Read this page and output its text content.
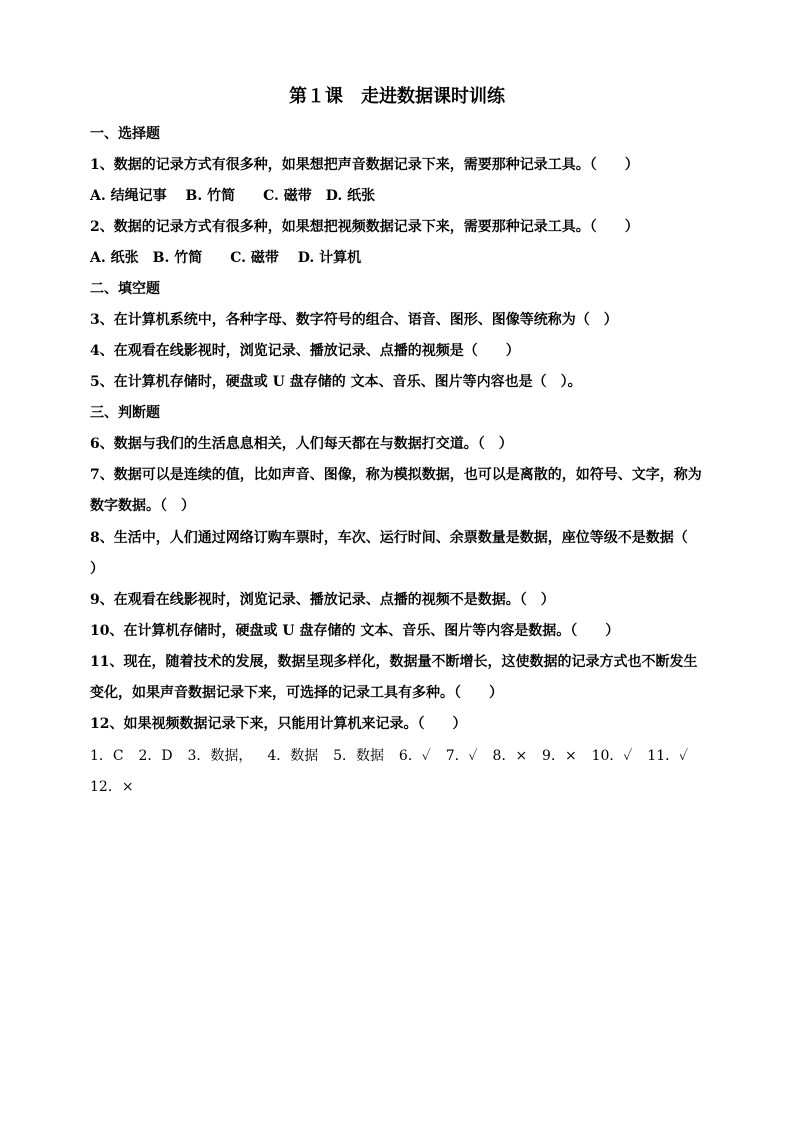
第１课　走进数据课时训练
一、选择题
1、数据的记录方式有很多种，如果想把声音数据记录下来，需要那种记录工具。（　　）
A. 结绳记事　 B. 竹简　　C. 磁带　D. 纸张
2、数据的记录方式有很多种，如果想把视频数据记录下来，需要那种记录工具。（　　）
A. 纸张　B. 竹简　　C. 磁带　 D. 计算机
二、填空题
3、在计算机系统中，各种字母、数字符号的组合、语音、图形、图像等统称为（　）
4、在观看在线影视时，浏览记录、播放记录、点播的视频是（　　）
5、在计算机存储时，硬盘或 U 盘存储的 文本、音乐、图片等内容也是（　）。
三、判断题
6、数据与我们的生活息息相关，人们每天都在与数据打交道。（　）
7、数据可以是连续的值，比如声音、图像，称为模拟数据，也可以是离散的，如符号、文字，称为
数字数据。（　）
8、生活中，人们通过网络订购车票时，车次、运行时间、余票数量是数据，座位等级不是数据（
）
9、在观看在线影视时，浏览记录、播放记录、点播的视频不是数据。（　）
10、在计算机存储时，硬盘或 U 盘存储的 文本、音乐、图片等内容是数据。（　　）
11、现在，随着技术的发展，数据呈现多样化，数据量不断增长，这使数据的记录方式也不断发生
变化，如果声音数据记录下来，可选择的记录工具有多种。（　　）
12、如果视频数据记录下来，只能用计算机来记录。（　　）
1．C 2．D 3．数据， 4．数据 5．数据 6．✓ 7．✓ 8．× 9．× 10．✓ 11．✓
12．×
